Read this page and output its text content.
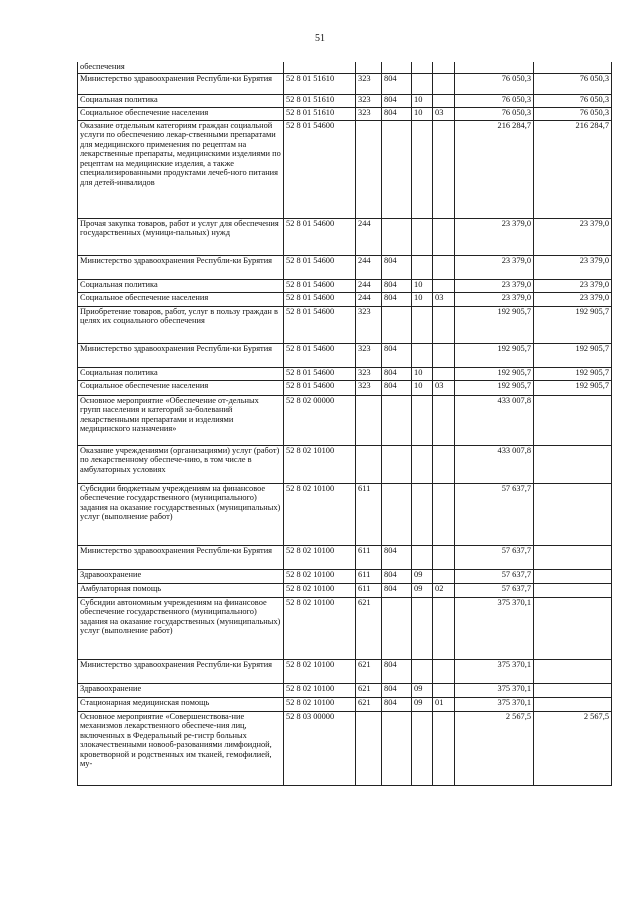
51
обеспечения							
Министерство здравоохранения Республи-ки Бурятия	52 8 01 51610	323	804			76 050,3	76 050,3
Социальная политика	52 8 01 51610	323	804	10		76 050,3	76 050,3
Социальное обеспечение населения	52 8 01 51610	323	804	10	03	76 050,3	76 050,3
Оказание отдельным категориям граждан социальной услуги по обеспечению лекар-ственными препаратами для медицинского применения по рецептам на лекарственные препараты, медицинскими изделиями по рецептам на медицинские изделия, а также специализированными продуктами лечеб-ного питания для детей-инвалидов	52 8 01 54600					216 284,7	216 284,7
Прочая закупка товаров, работ и услуг для обеспечения государственных (муници-пальных) нужд	52 8 01 54600	244				23 379,0	23 379,0
Министерство здравоохранения Республи-ки Бурятия	52 8 01 54600	244	804			23 379,0	23 379,0
Социальная политика	52 8 01 54600	244	804	10		23 379,0	23 379,0
Социальное обеспечение населения	52 8 01 54600	244	804	10	03	23 379,0	23 379,0
Приобретение товаров, работ, услуг в пользу граждан в целях их социального обеспечения	52 8 01 54600	323				192 905,7	192 905,7
Министерство здравоохранения Республи-ки Бурятия	52 8 01 54600	323	804			192 905,7	192 905,7
Социальная политика	52 8 01 54600	323	804	10		192 905,7	192 905,7
Социальное обеспечение населения	52 8 01 54600	323	804	10	03	192 905,7	192 905,7
Основное мероприятие «Обеспечение от-дельных групп населения и категорий за-болеваний лекарственными препаратами и изделиями медицинского назначения»	52 8 02 00000					433 007,8	
Оказание учреждениями (организациями) услуг (работ) по лекарственному обеспече-нию, в том числе в амбулаторных условиях	52 8 02 10100					433 007,8	
Субсидии бюджетным учреждениям на финансовое обеспечение государственного (муниципального) задания на оказание государственных (муниципальных) услуг (выполнение работ)	52 8 02 10100	611				57 637,7	
Министерство здравоохранения Республи-ки Бурятия	52 8 02 10100	611	804			57 637,7	
Здравоохранение	52 8 02 10100	611	804	09		57 637,7	
Амбулаторная помощь	52 8 02 10100	611	804	09	02	57 637,7	
Субсидии автономным учреждениям на финансовое обеспечение государственного (муниципального) задания на оказание государственных (муниципальных) услуг (выполнение работ)	52 8 02 10100	621				375 370,1	
Министерство здравоохранения Республи-ки Бурятия	52 8 02 10100	621	804			375 370,1	
Здравоохранение	52 8 02 10100	621	804	09		375 370,1	
Стационарная медицинская помощь	52 8 02 10100	621	804	09	01	375 370,1	
Основное мероприятие «Совершенствова-ние механизмов лекарственного обеспече-ния лиц, включенных в Федеральный ре-гистр больных злокачественными новооб-разованиями лимфоидной, кроветворной и родственных им тканей, гемофилией, му-	52 8 03 00000					2 567,5	2 567,5
